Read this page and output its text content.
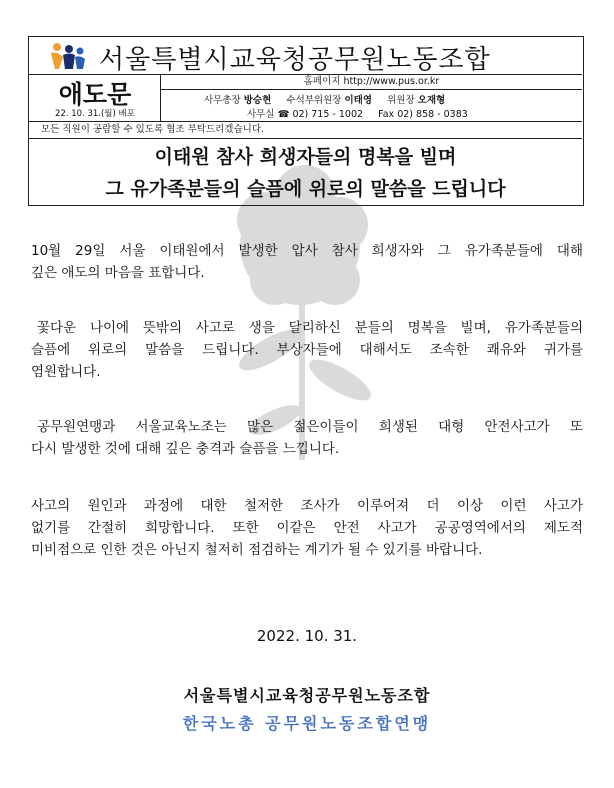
서울특별시교육청공무원노동조합
애도문
22. 10. 31.(월) 배포
홈페이지 http://www.pus.or.kr
사무총장 방승현 수석부위원장 이태영 위원장 오재형
사무실 ☎ 02) 715 - 1002 Fax 02) 858 - 0383
모든 직원이 공람할 수 있도록 협조 부탁드리겠습니다.
이태원 참사 희생자들의 명복을 빌며
그 유가족분들의 슬픔에 위로의 말씀을 드립니다
10월 29일 서울 이태원에서 발생한 압사 참사 희생자와 그 유가족분들에 대해
깊은 애도의 마음을 표합니다.
꽃다운 나이에 뜻밖의 사고로 생을 달리하신 분들의 명복을 빌며, 유가족분들의
슬픔에 위로의 말씀을 드립니다. 부상자들에 대해서도 조속한 쾌유와 귀가를
염원합니다.
공무원연맹과 서울교육노조는 많은 젊은이들이 희생된 대형 안전사고가 또
다시 발생한 것에 대해 깊은 충격과 슬픔을 느낍니다.
사고의 원인과 과정에 대한 철저한 조사가 이루어져 더 이상 이런 사고가
없기를 간절히 희망합니다. 또한 이같은 안전 사고가 공공영역에서의 제도적
미비점으로 인한 것은 아닌지 철저히 점검하는 계기가 될 수 있기를 바랍니다.
2022. 10. 31.
서울특별시교육청공무원노동조합
한국노총 공무원노동조합연맹
